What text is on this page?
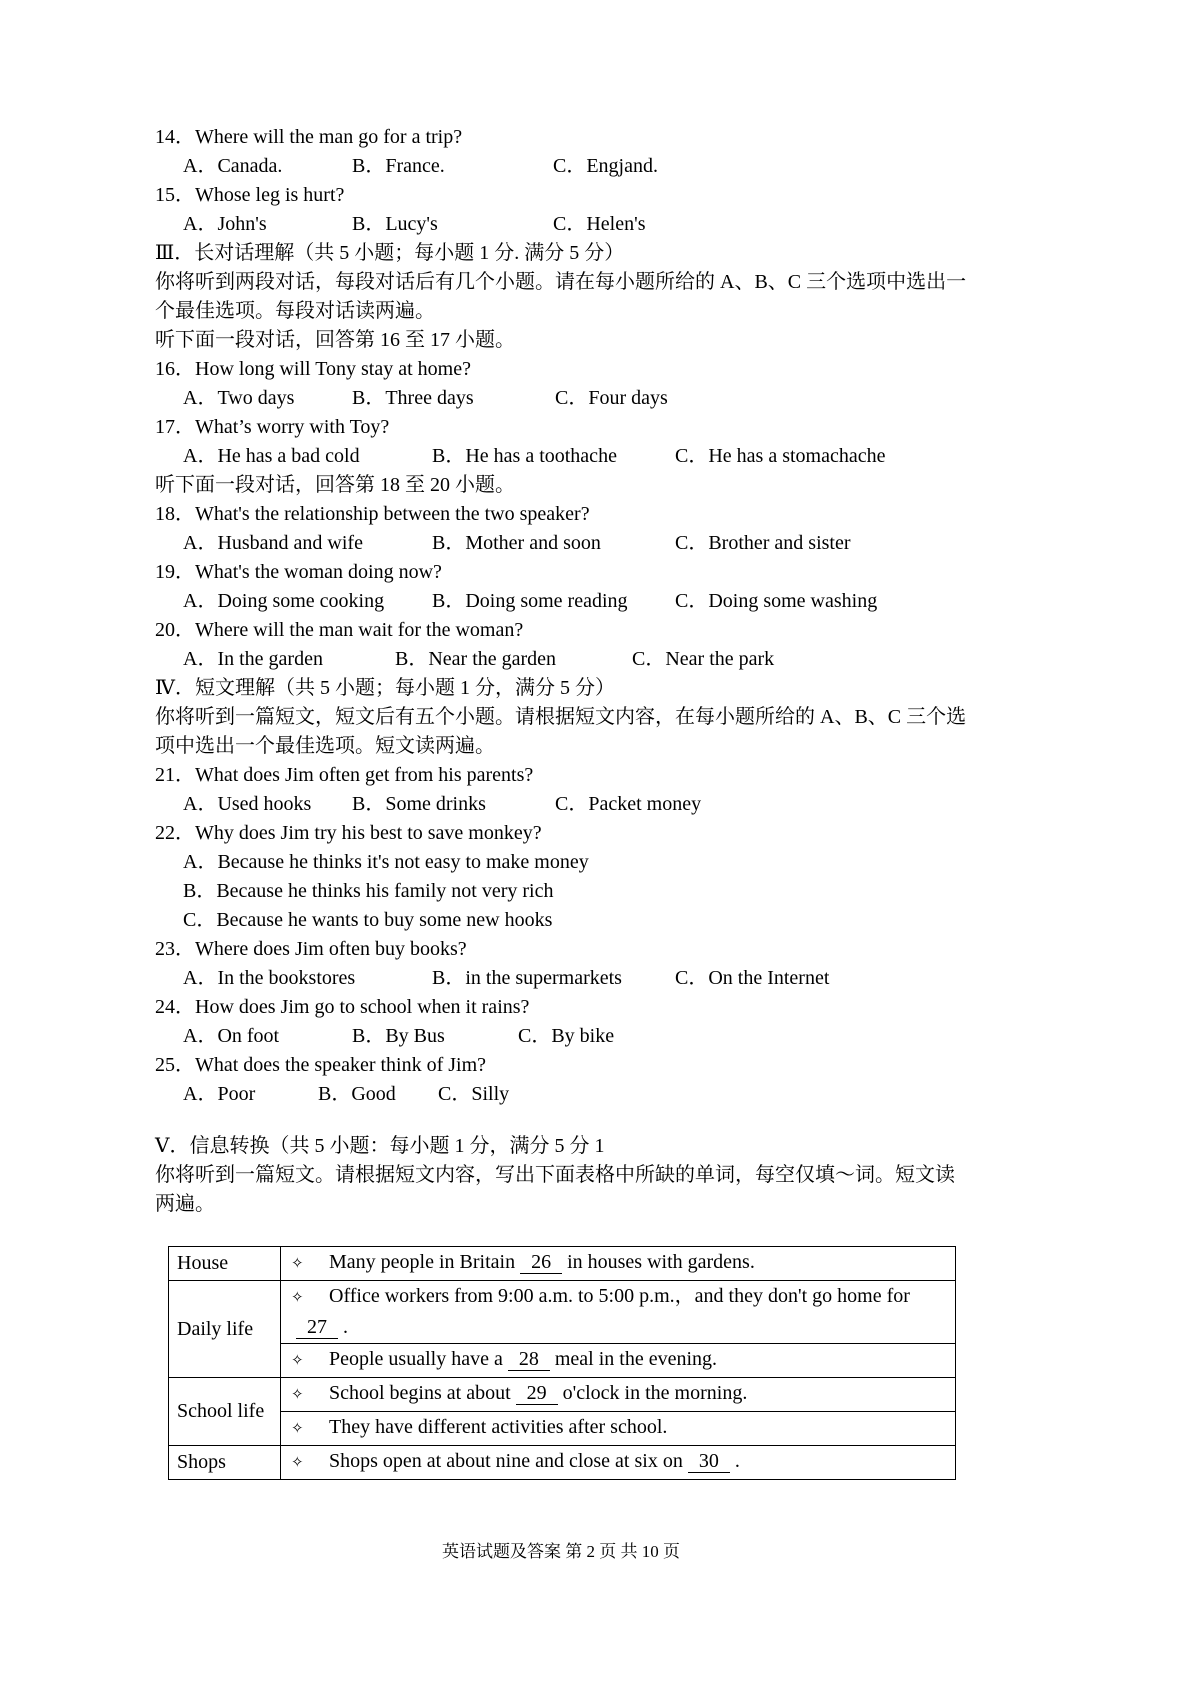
14．Where will the man go for a trip?
A．Canada.	B．France.	C．Engjand.
15．Whose leg is hurt?
A．John's	B．Lucy's	C．Helen's
Ⅲ．长对话理解（共 5 小题；每小题 1 分. 满分 5 分）
你将听到两段对话，每段对话后有几个小题。请在每小题所给的 A、B、C 三个选项中选出一个最佳选项。每段对话读两遍。
听下面一段对话，回答第 16 至 17 小题。
16．How long will Tony stay at home?
A．Two days	B．Three days	C．Four days
17．What’s worry with Toy?
A．He has a bad cold	B．He has a toothache	C．He has a stomachache
听下面一段对话，回答第 18 至 20 小题。
18．What's the relationship between the two speaker?
A．Husband and wife	B．Mother and soon	C．Brother and sister
19．What's the woman doing now?
A．Doing some cooking B．Doing some reading C．Doing some washing
20．Where will the man wait for the woman?
A．In the garden	B．Near the garden	C．Near the park
Ⅳ．短文理解（共 5 小题；每小题 1 分，满分 5 分）
你将听到一篇短文，短文后有五个小题。请根据短文内容，在每小题所给的 A、B、C 三个选项中选出一个最佳选项。短文读两遍。
21．What does Jim often get from his parents?
A．Used hooks B．Some drinks	C．Packet money
22．Why does Jim try his best to save monkey?
A．Because he thinks it's not easy to make money
B．Because he thinks his family not very rich
C．Because he wants to buy some new hooks
23．Where does Jim often buy books?
A．In the bookstores	B．in the supermarkets	C．On the Internet
24．How does Jim go to school when it rains?
A．On foot	B．By Bus	C．By bike
25．What does the speaker think of Jim?
A．Poor	B．Good C．Silly
Ⅴ．信息转换（共 5 小题：每小题 1 分，满分 5 分 1
你将听到一篇短文。请根据短文内容，写出下面表格中所缺的单词，每空仅填～词。短文读两遍。
House	✧ Many people in Britain 26 in houses with gardens.
Daily life	✧ Office workers from 9:00 a.m. to 5:00 p.m.，and they don't go home for27 .
	✧ People usually have a 28 meal in the evening.
School life	✧ School begins at about 29 o'clock in the morning.
	✧ They have different activities after school.
Shops	✧ Shops open at about nine and close at six on 30 .
英语试题及答案 第 2 页 共 10 页
